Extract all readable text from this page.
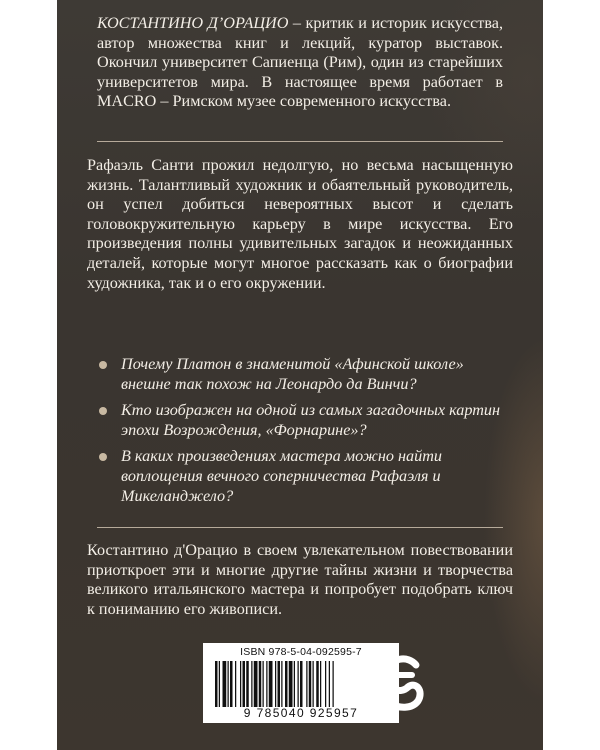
КОСТАНТИНО Д’ОРАЦИО – критик и историк искусства, автор множества книг и лекций, куратор выставок. Окончил университет Сапиенца (Рим), один из старейших университетов мира. В настоящее время работает в MACRO – Римском музее современного искусства.

Рафаэль Санти прожил недолгую, но весьма насыщенную жизнь. Талантливый художник и обаятельный руководитель, он успел добиться невероятных высот и сделать головокружительную карьеру в мире искусства. Его произведения полны удивительных загадок и неожиданных деталей, которые могут многое рассказать как о биографии художника, так и о его окружении.

Почему Платон в знаменитой «Афинской школе» внешне так похож на Леонардо да Винчи?
Кто изображен на одной из самых загадочных картин эпохи Возрождения, «Форнарине»?
В каких произведениях мастера можно найти воплощения вечного соперничества Рафаэля и Микеланджело?

Костантино д'Орацио в своем увлекательном повествовании приоткроет эти и многие другие тайны жизни и творчества великого итальянского мастера и попробует подобрать ключ к пониманию его живописи.

ISBN 978-5-04-092595-7
9 785040 925957
